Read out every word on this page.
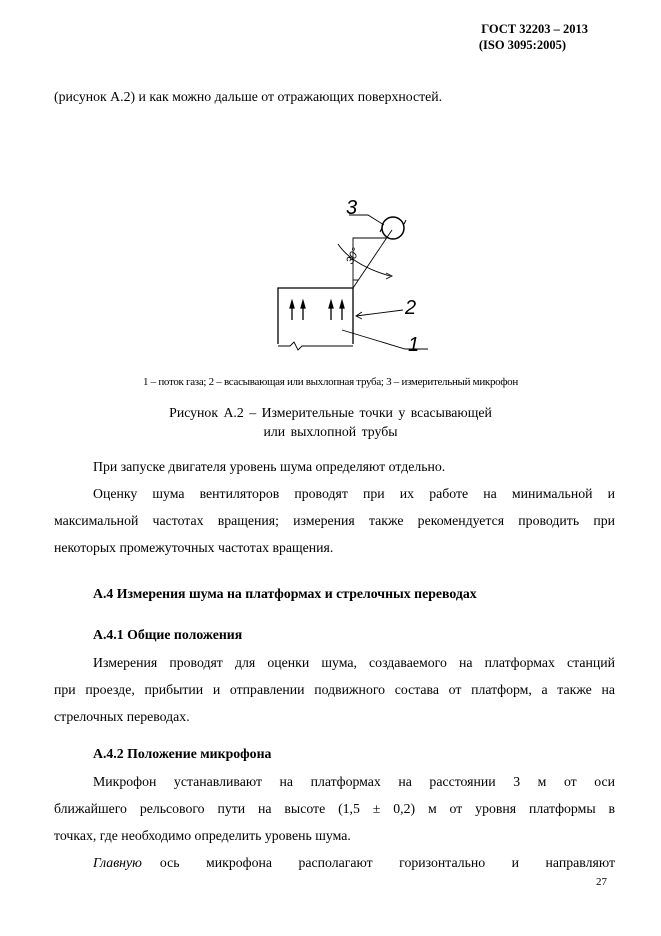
ГОСТ 32203 – 2013
(ISO 3095:2005)
(рисунок А.2) и как можно дальше от отражающих поверхностей.
3
2
1
30°
1 – поток газа; 2 – всасывающая или выхлопная труба; 3 – измерительный микрофон
Рисунок А.2 – Измерительные точки у всасывающей
или выхлопной трубы
При запуске двигателя уровень шума определяют отдельно.
Оценку шума вентиляторов проводят при их работе на минимальной и
максимальной частотах вращения; измерения также рекомендуется проводить при
некоторых промежуточных частотах вращения.
А.4 Измерения шума на платформах и стрелочных переводах
А.4.1 Общие положения
Измерения проводят для оценки шума, создаваемого на платформах станций
при проезде, прибытии и отправлении подвижного состава от платформ, а также на
стрелочных переводах.
А.4.2 Положение микрофона
Микрофон устанавливают на платформах на расстоянии 3 м от оси
ближайшего рельсового пути на высоте (1,5 ± 0,2) м от уровня платформы в
точках, где необходимо определить уровень шума.
Главную ось микрофона располагают горизонтально и направляют
27
